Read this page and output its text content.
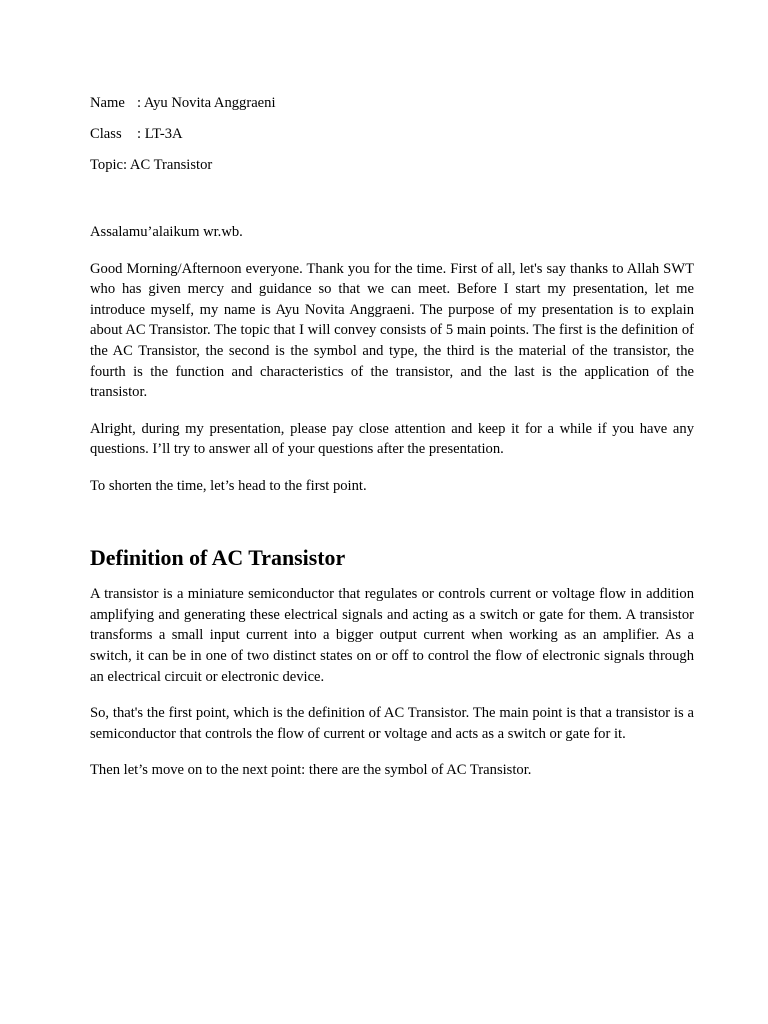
Name : Ayu Novita Anggraeni

Class : LT-3A

Topic: AC Transistor

Assalamu’alaikum wr.wb.

Good Morning/Afternoon everyone. Thank you for the time. First of all, let's say thanks to Allah SWT who has given mercy and guidance so that we can meet. Before I start my presentation, let me introduce myself, my name is Ayu Novita Anggraeni. The purpose of my presentation is to explain about AC Transistor. The topic that I will convey consists of 5 main points. The first is the definition of the AC Transistor, the second is the symbol and type, the third is the material of the transistor, the fourth is the function and characteristics of the transistor, and the last is the application of the transistor.

Alright, during my presentation, please pay close attention and keep it for a while if you have any questions. I’ll try to answer all of your questions after the presentation.

To shorten the time, let’s head to the first point.

Definition of AC Transistor

A transistor is a miniature semiconductor that regulates or controls current or voltage flow in addition amplifying and generating these electrical signals and acting as a switch or gate for them. A transistor transforms a small input current into a bigger output current when working as an amplifier. As a switch, it can be in one of two distinct states on or off to control the flow of electronic signals through an electrical circuit or electronic device.

So, that's the first point, which is the definition of AC Transistor. The main point is that a transistor is a semiconductor that controls the flow of current or voltage and acts as a switch or gate for it.

Then let’s move on to the next point: there are the symbol of AC Transistor.
